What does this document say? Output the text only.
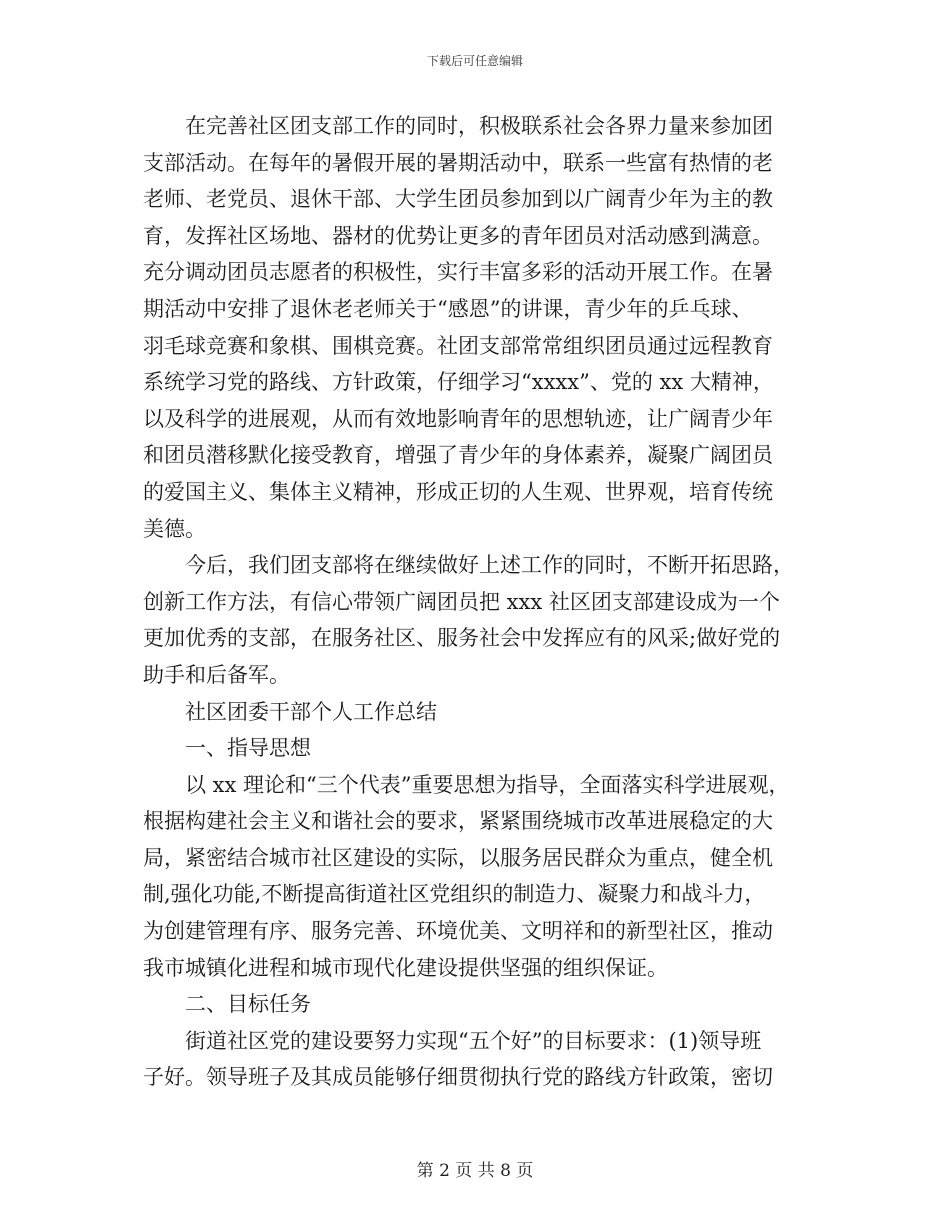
下载后可任意编辑
在完善社区团支部工作的同时，积极联系社会各界力量来参加团
支部活动。在每年的暑假开展的暑期活动中，联系一些富有热情的老
老师、老党员、退休干部、大学生团员参加到以广阔青少年为主的教
育，发挥社区场地、器材的优势让更多的青年团员对活动感到满意。
充分调动团员志愿者的积极性，实行丰富多彩的活动开展工作。在暑
期活动中安排了退休老老师关于“感恩”的讲课，青少年的乒乓球、
羽毛球竞赛和象棋、围棋竞赛。社团支部常常组织团员通过远程教育
系统学习党的路线、方针政策，仔细学习“xxxx”、党的 xx 大精神，
以及科学的进展观，从而有效地影响青年的思想轨迹，让广阔青少年
和团员潜移默化接受教育，增强了青少年的身体素养，凝聚广阔团员
的爱国主义、集体主义精神，形成正切的人生观、世界观，培育传统
美德。
今后，我们团支部将在继续做好上述工作的同时，不断开拓思路，
创新工作方法，有信心带领广阔团员把 xxx 社区团支部建设成为一个
更加优秀的支部，在服务社区、服务社会中发挥应有的风采;做好党的
助手和后备军。
社区团委干部个人工作总结
一、指导思想
以 xx 理论和“三个代表”重要思想为指导，全面落实科学进展观，
根据构建社会主义和谐社会的要求，紧紧围绕城市改革进展稳定的大
局，紧密结合城市社区建设的实际，以服务居民群众为重点，健全机
制,强化功能,不断提高街道社区党组织的制造力、凝聚力和战斗力，
为创建管理有序、服务完善、环境优美、文明祥和的新型社区，推动
我市城镇化进程和城市现代化建设提供坚强的组织保证。
二、目标任务
街道社区党的建设要努力实现“五个好”的目标要求：(1)领导班
子好。领导班子及其成员能够仔细贯彻执行党的路线方针政策，密切
第 2 页 共 8 页
